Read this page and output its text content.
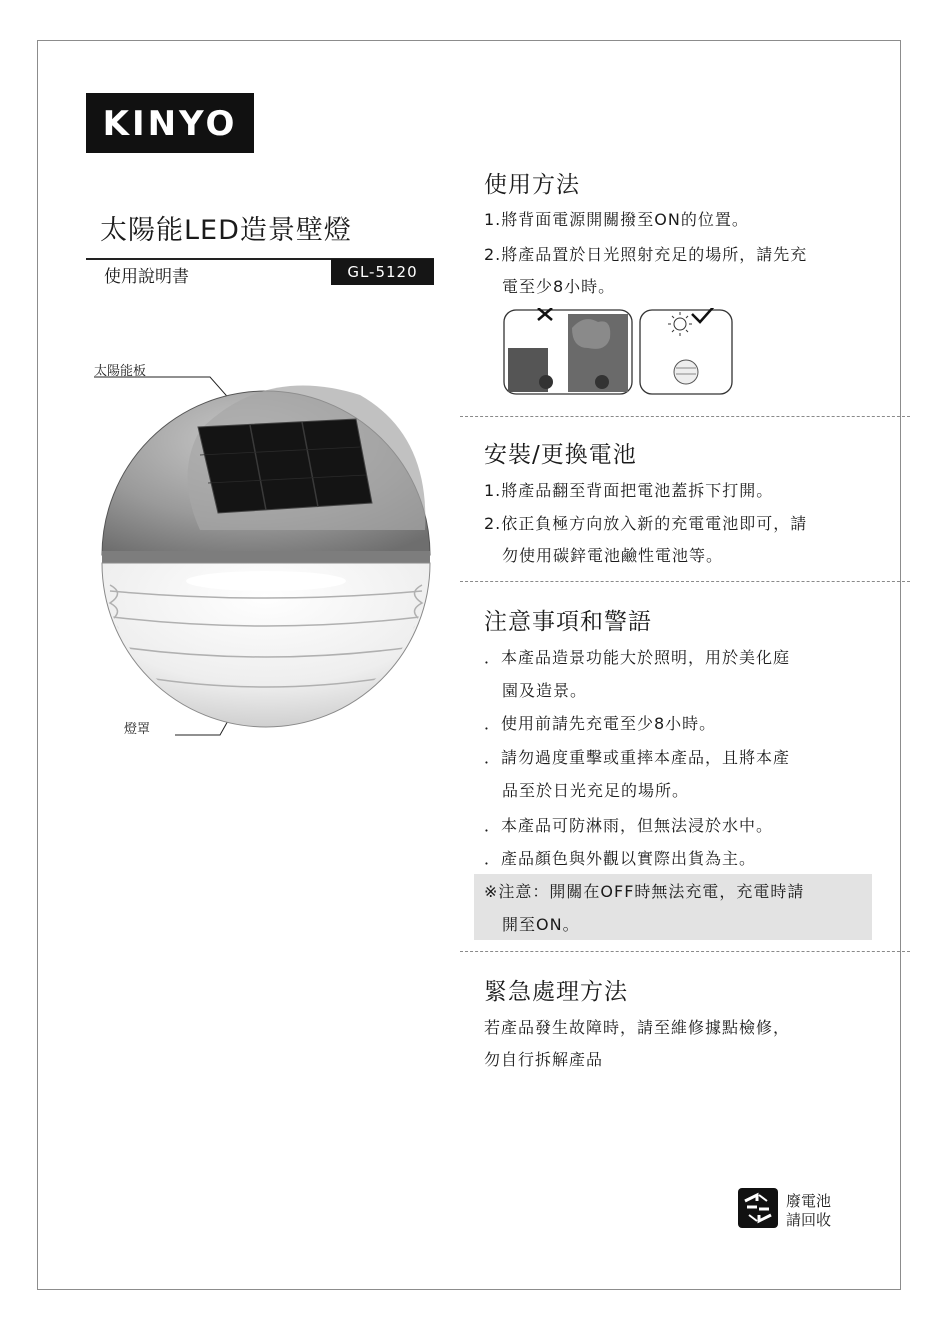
KINYO
太陽能LED造景壁燈
使用說明書	GL-5120
太陽能板
燈罩
使用方法
1.將背面電源開關撥至ON的位置。
2.將產品置於日光照射充足的場所，請先充
電至少8小時。
安裝/更換電池
1.將產品翻至背面把電池蓋拆下打開。
2.依正負極方向放入新的充電電池即可，請
勿使用碳鋅電池鹼性電池等。
注意事項和警語
．本產品造景功能大於照明，用於美化庭
園及造景。
．使用前請先充電至少8小時。
．請勿過度重擊或重摔本產品，且將本產
品至於日光充足的場所。
．本產品可防淋雨，但無法浸於水中。
．產品顏色與外觀以實際出貨為主。
※注意：開關在OFF時無法充電，充電時請
開至ON。
緊急處理方法
若產品發生故障時，請至維修據點檢修，
勿自行拆解產品
廢電池
請回收
